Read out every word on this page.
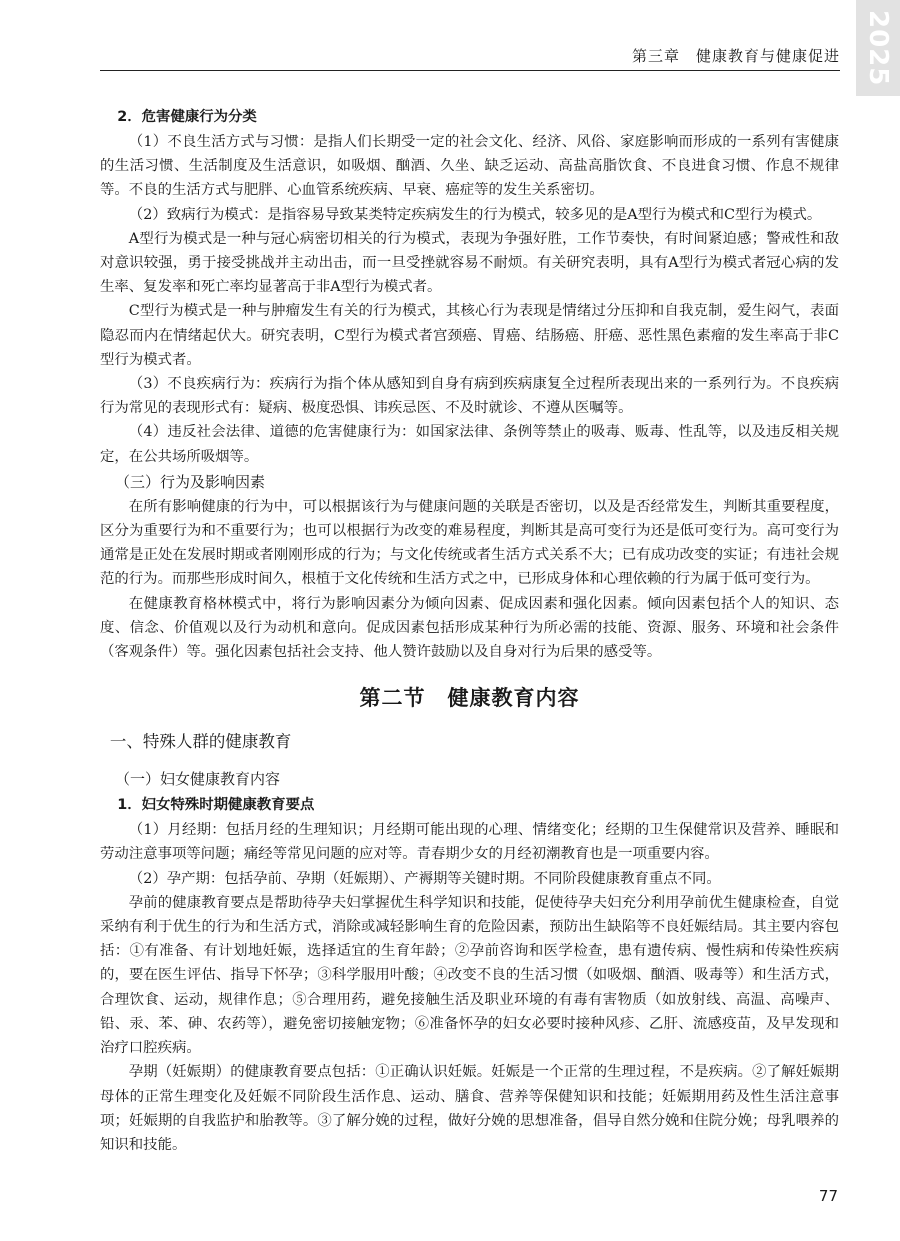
2025
第三章　健康教育与健康促进
2．危害健康行为分类

（1）不良生活方式与习惯：是指人们长期受一定的社会文化、经济、风俗、家庭影响而形成的一系列有害健康的生活习惯、生活制度及生活意识，如吸烟、酗酒、久坐、缺乏运动、高盐高脂饮食、不良进食习惯、作息不规律等。不良的生活方式与肥胖、心血管系统疾病、早衰、癌症等的发生关系密切。

（2）致病行为模式：是指容易导致某类特定疾病发生的行为模式，较多见的是A型行为模式和C型行为模式。

A型行为模式是一种与冠心病密切相关的行为模式，表现为争强好胜，工作节奏快，有时间紧迫感；警戒性和敌对意识较强，勇于接受挑战并主动出击，而一旦受挫就容易不耐烦。有关研究表明，具有A型行为模式者冠心病的发生率、复发率和死亡率均显著高于非A型行为模式者。

C型行为模式是一种与肿瘤发生有关的行为模式，其核心行为表现是情绪过分压抑和自我克制，爱生闷气，表面隐忍而内在情绪起伏大。研究表明，C型行为模式者宫颈癌、胃癌、结肠癌、肝癌、恶性黑色素瘤的发生率高于非C型行为模式者。

（3）不良疾病行为：疾病行为指个体从感知到自身有病到疾病康复全过程所表现出来的一系列行为。不良疾病行为常见的表现形式有：疑病、极度恐惧、讳疾忌医、不及时就诊、不遵从医嘱等。

（4）违反社会法律、道德的危害健康行为：如国家法律、条例等禁止的吸毒、贩毒、性乱等，以及违反相关规定，在公共场所吸烟等。

（三）行为及影响因素

在所有影响健康的行为中，可以根据该行为与健康问题的关联是否密切，以及是否经常发生，判断其重要程度，区分为重要行为和不重要行为；也可以根据行为改变的难易程度，判断其是高可变行为还是低可变行为。高可变行为通常是正处在发展时期或者刚刚形成的行为；与文化传统或者生活方式关系不大；已有成功改变的实证；有违社会规范的行为。而那些形成时间久，根植于文化传统和生活方式之中，已形成身体和心理依赖的行为属于低可变行为。

在健康教育格林模式中，将行为影响因素分为倾向因素、促成因素和强化因素。倾向因素包括个人的知识、态度、信念、价值观以及行为动机和意向。促成因素包括形成某种行为所必需的技能、资源、服务、环境和社会条件（客观条件）等。强化因素包括社会支持、他人赞许鼓励以及自身对行为后果的感受等。

第二节　健康教育内容
一、特殊人群的健康教育
（一）妇女健康教育内容
1．妇女特殊时期健康教育要点

（1）月经期：包括月经的生理知识；月经期可能出现的心理、情绪变化；经期的卫生保健常识及营养、睡眠和劳动注意事项等问题；痛经等常见问题的应对等。青春期少女的月经初潮教育也是一项重要内容。

（2）孕产期：包括孕前、孕期（妊娠期）、产褥期等关键时期。不同阶段健康教育重点不同。

孕前的健康教育要点是帮助待孕夫妇掌握优生科学知识和技能，促使待孕夫妇充分利用孕前优生健康检查，自觉采纳有利于优生的行为和生活方式，消除或减轻影响生育的危险因素，预防出生缺陷等不良妊娠结局。其主要内容包括：①有准备、有计划地妊娠，选择适宜的生育年龄；②孕前咨询和医学检查，患有遗传病、慢性病和传染性疾病的，要在医生评估、指导下怀孕；③科学服用叶酸；④改变不良的生活习惯（如吸烟、酗酒、吸毒等）和生活方式，合理饮食、运动，规律作息；⑤合理用药，避免接触生活及职业环境的有毒有害物质（如放射线、高温、高噪声、铅、汞、苯、砷、农药等），避免密切接触宠物；⑥准备怀孕的妇女必要时接种风疹、乙肝、流感疫苗，及早发现和治疗口腔疾病。

孕期（妊娠期）的健康教育要点包括：①正确认识妊娠。妊娠是一个正常的生理过程，不是疾病。②了解妊娠期母体的正常生理变化及妊娠不同阶段生活作息、运动、膳食、营养等保健知识和技能；妊娠期用药及性生活注意事项；妊娠期的自我监护和胎教等。③了解分娩的过程，做好分娩的思想准备，倡导自然分娩和住院分娩；母乳喂养的知识和技能。

77
